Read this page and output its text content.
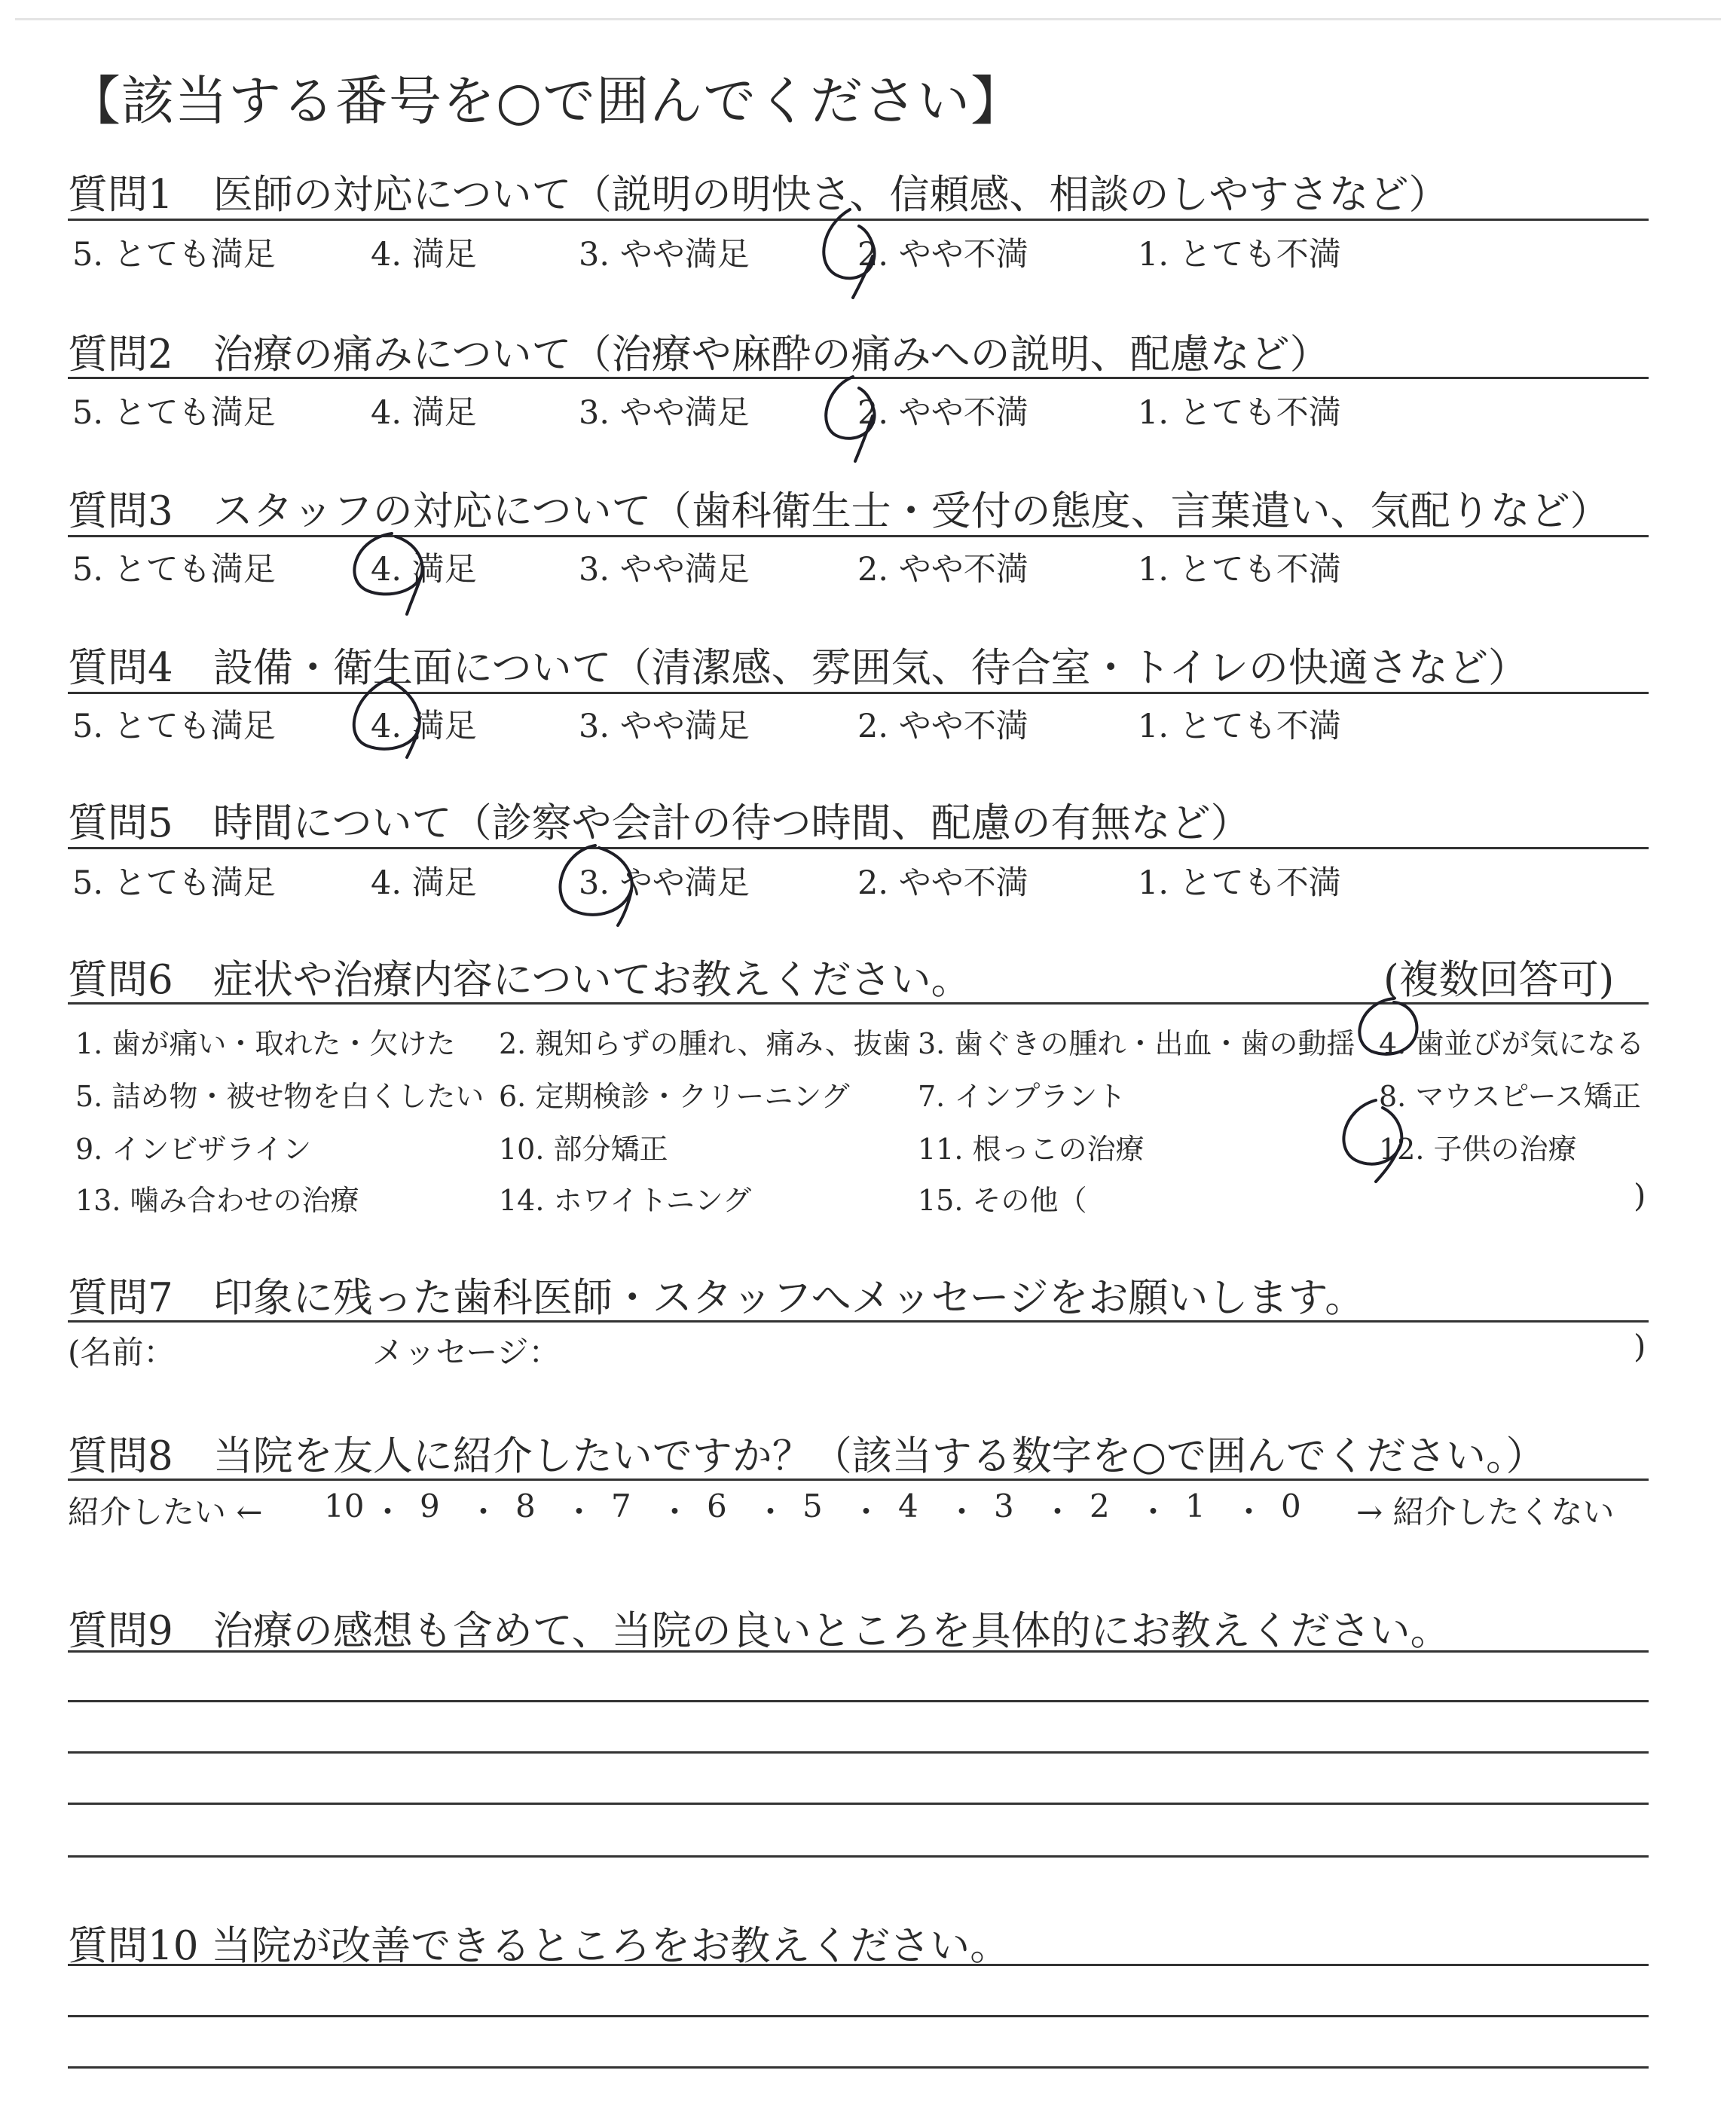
【該当する番号を○で囲んでください】
質問1　医師の対応について（説明の明快さ、信頼感、相談のしやすさなど）
5. とても満足	4. 満足	3. やや満足	2. やや不満	1. とても不満
質問2　治療の痛みについて（治療や麻酔の痛みへの説明、配慮など）
5. とても満足	4. 満足	3. やや満足	2. やや不満	1. とても不満
質問3　スタッフの対応について（歯科衛生士・受付の態度、言葉遣い、気配りなど）
5. とても満足	4. 満足	3. やや満足	2. やや不満	1. とても不満
質問4　設備・衛生面について（清潔感、雰囲気、待合室・トイレの快適さなど）
5. とても満足	4. 満足	3. やや満足	2. やや不満	1. とても不満
質問5　時間について（診察や会計の待つ時間、配慮の有無など）
5. とても満足	4. 満足	3. やや満足	2. やや不満	1. とても不満
質問6　症状や治療内容についてお教えください。	(複数回答可)
1. 歯が痛い・取れた・欠けた 2. 親知らずの腫れ、痛み、抜歯 3. 歯ぐきの腫れ・出血・歯の動揺 4. 歯並びが気になる
5. 詰め物・被せ物を白くしたい 6. 定期検診・クリーニング 7. インプラント	8. マウスピース矯正
9. インビザライン	10. 部分矯正	11. 根っこの治療	12. 子供の治療
13. 噛み合わせの治療	14. ホワイトニング	15. その他（	)
質問7　印象に残った歯科医師・スタッフへメッセージをお願いします。
(名前：	メッセージ：	)
質問8　当院を友人に紹介したいですか？（該当する数字を○で囲んでください。）
紹介したい ←	→ 紹介したくない
10 ・ 9 ・ 8 ・ 7 ・ 6 ・ 5 ・ 4 ・ 3 ・ 2 ・ 1 ・ 0
質問9　治療の感想も含めて、当院の良いところを具体的にお教えください。
質問10 当院が改善できるところをお教えください。
